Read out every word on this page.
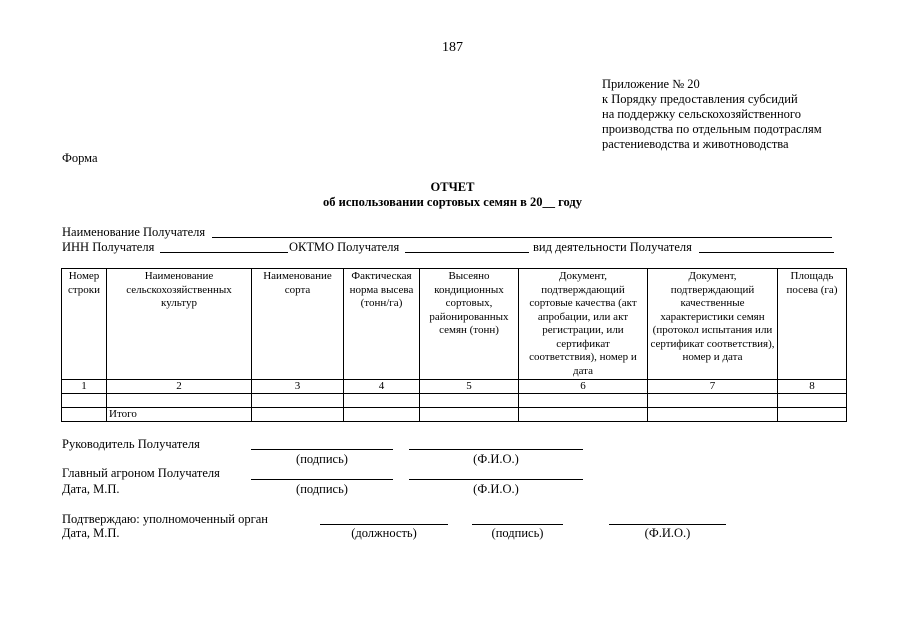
187
Приложение № 20
к Порядку предоставления субсидий
на поддержку сельскохозяйственного
производства по отдельным подотраслям
растениеводства и животноводства
Форма
ОТЧЕТ
об использовании сортовых семян в 20__ году
Наименование Получателя
ИНН Получателя	ОКТМО Получателя	вид деятельности Получателя
Номер строки	Наименование сельскохозяйственных культур	Наименование сорта	Фактическая норма высева (тонн/га)	Высеяно кондиционных сортовых, районированных семян (тонн)	Документ, подтверждающий сортовые качества (акт апробации, или акт регистрации, или сертификат соответствия), номер и дата	Документ, подтверждающий качественные характеристики семян (протокол испытания или сертификат соответствия), номер и дата	Площадь посева (га)
1	2	3	4	5	6	7	8

	Итого						
Руководитель Получателя
(подпись)	(Ф.И.О.)
Главный агроном Получателя
Дата, М.П.	(подпись)	(Ф.И.О.)
Подтверждаю: уполномоченный орган
Дата, М.П.	(должность)	(подпись)	(Ф.И.О.)
